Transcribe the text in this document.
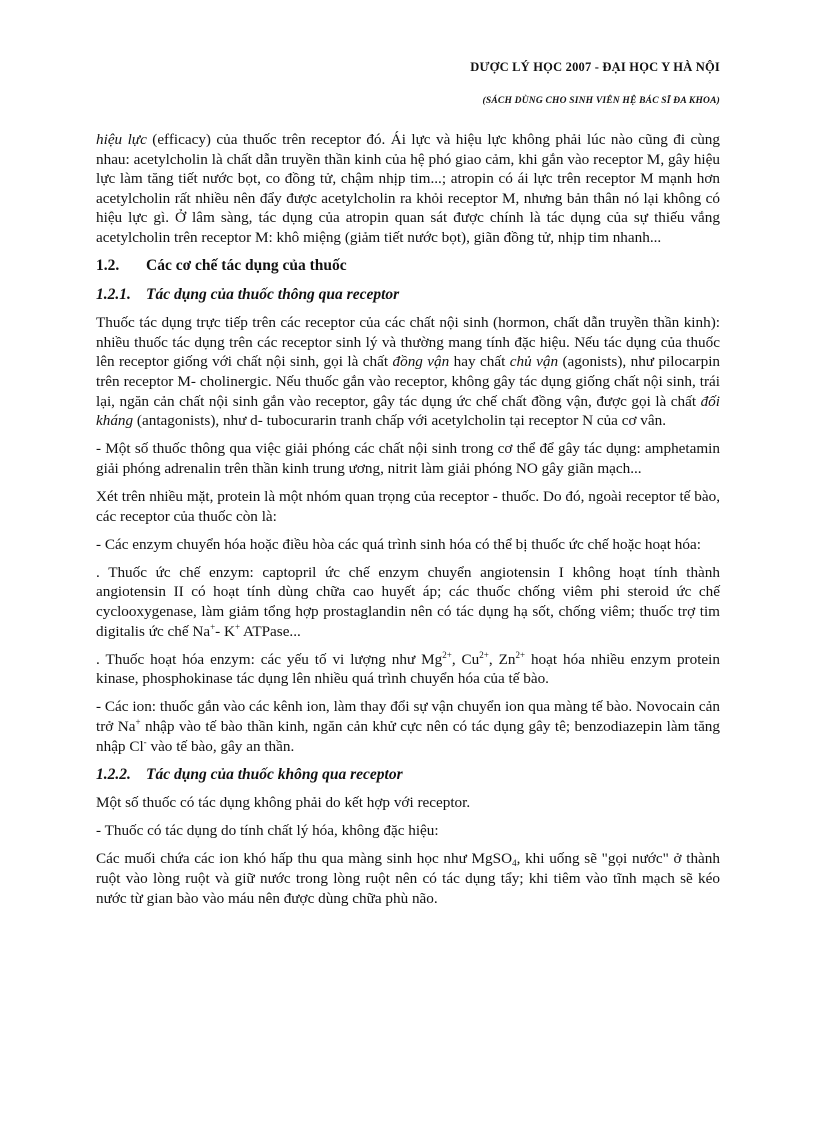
DƯỢC LÝ HỌC 2007 - ĐẠI HỌC Y HÀ NỘI
(SÁCH DÙNG CHO SINH VIÊN HỆ BÁC SĨ ĐA KHOA)

hiệu lực (efficacy) của thuốc trên receptor đó. Ái lực và hiệu lực không phải lúc nào cũng đi cùng nhau: acetylcholin là chất dẫn truyền thần kinh của hệ phó giao cảm, khi gắn vào receptor M, gây hiệu lực làm tăng tiết nước bọt, co đồng tử, chậm nhịp tim...; atropin có ái lực trên receptor M mạnh hơn acetylcholin rất nhiều nên đẩy được acetylcholin ra khỏi receptor M, nhưng bản thân nó lại không có hiệu lực gì. Ở lâm sàng, tác dụng của atropin quan sát được chính là tác dụng của sự thiếu vắng acetylcholin trên receptor M: khô miệng (giảm tiết nước bọt), giãn đồng tử, nhịp tim nhanh...

1.2. Các cơ chế tác dụng của thuốc
1.2.1. Tác dụng của thuốc thông qua receptor

Thuốc tác dụng trực tiếp trên các receptor của các chất nội sinh (hormon, chất dẫn truyền thần kinh): nhiều thuốc tác dụng trên các receptor sinh lý và thường mang tính đặc hiệu. Nếu tác dụng của thuốc lên receptor giống với chất nội sinh, gọi là chất đồng vận hay chất chủ vận (agonists), như pilocarpin trên receptor M- cholinergic. Nếu thuốc gắn vào receptor, không gây tác dụng giống chất nội sinh, trái lại, ngăn cản chất nội sinh gắn vào receptor, gây tác dụng ức chế chất đồng vận, được gọi là chất đối kháng (antagonists), như d- tubocurarin tranh chấp với acetylcholin tại receptor N của cơ vân.

- Một số thuốc thông qua việc giải phóng các chất nội sinh trong cơ thể để gây tác dụng: amphetamin giải phóng adrenalin trên thần kinh trung ương, nitrit làm giải phóng NO gây giãn mạch...

Xét trên nhiều mặt, protein là một nhóm quan trọng của receptor - thuốc. Do đó, ngoài receptor tế bào, các receptor của thuốc còn là:

- Các enzym chuyển hóa hoặc điều hòa các quá trình sinh hóa có thể bị thuốc ức chế hoặc hoạt hóa:

. Thuốc ức chế enzym: captopril ức chế enzym chuyển angiotensin I không hoạt tính thành angiotensin II có hoạt tính dùng chữa cao huyết áp; các thuốc chống viêm phi steroid ức chế cyclooxygenase, làm giảm tổng hợp prostaglandin nên có tác dụng hạ sốt, chống viêm; thuốc trợ tim digitalis ức chế Na+- K+ ATPase...

. Thuốc hoạt hóa enzym: các yếu tố vi lượng như $Mg^{2+}$, $Cu^{2+}$, $Zn^{2+}$ hoạt hóa nhiều enzym protein kinase, phosphokinase tác dụng lên nhiều quá trình chuyển hóa của tế bào.

- Các ion: thuốc gắn vào các kênh ion, làm thay đổi sự vận chuyển ion qua màng tế bào. Novocain cản trở Na+ nhập vào tế bào thần kinh, ngăn cản khử cực nên có tác dụng gây tê; benzodiazepin làm tăng nhập Cl- vào tế bào, gây an thần.

1.2.2. Tác dụng của thuốc không qua receptor

Một số thuốc có tác dụng không phải do kết hợp với receptor.

- Thuốc có tác dụng do tính chất lý hóa, không đặc hiệu:

Các muối chứa các ion khó hấp thu qua màng sinh học như MgSO$_4$, khi uống sẽ "gọi nước" ở thành ruột vào lòng ruột và giữ nước trong lòng ruột nên có tác dụng tẩy; khi tiêm vào tĩnh mạch sẽ kéo nước từ gian bào vào máu nên được dùng chữa phù não.
